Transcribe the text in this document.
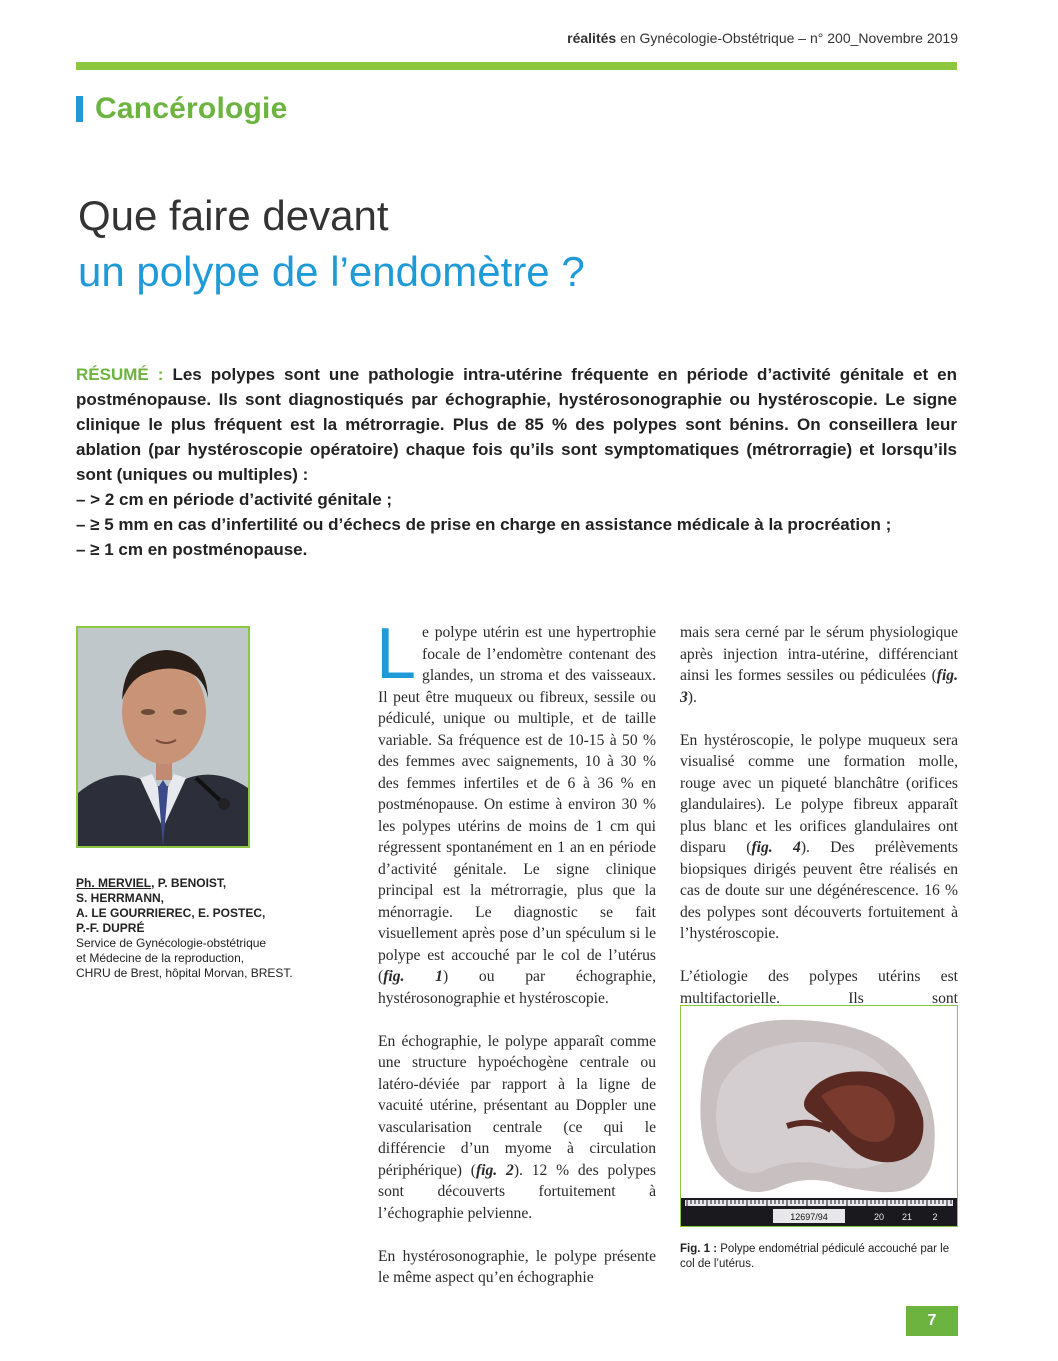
réalités en Gynécologie-Obstétrique – n° 200_Novembre 2019
Cancérologie
Que faire devant
un polype de l’endomètre ?
RÉSUMÉ : Les polypes sont une pathologie intra-utérine fréquente en période d’activité génitale et en postménopause. Ils sont diagnostiqués par échographie, hystérosonographie ou hystéroscopie. Le signe clinique le plus fréquent est la métrorragie. Plus de 85 % des polypes sont bénins. On conseillera leur ablation (par hystéroscopie opératoire) chaque fois qu’ils sont symptomatiques (métrorragie) et lorsqu’ils sont (uniques ou multiples) :
– > 2 cm en période d’activité génitale ;
– ≥ 5 mm en cas d’infertilité ou d’échecs de prise en charge en assistance médicale à la procréation ;
– ≥ 1 cm en postménopause.
Ph. MERVIEL, P. BENOIST,
S. HERRMANN,
A. LE GOURRIEREC, E. POSTEC,
P.-F. DUPRÉ
Service de Gynécologie-obstétrique
et Médecine de la reproduction,
CHRU de Brest, hôpital Morvan, BREST.

Le polype utérin est une hypertrophie focale de l’endomètre contenant des glandes, un stroma et des vaisseaux. Il peut être muqueux ou fibreux, sessile ou pédiculé, unique ou multiple, et de taille variable. Sa fréquence est de 10-15 à 50 % des femmes avec saignements, 10 à 30 % des femmes infertiles et de 6 à 36 % en postménopause. On estime à environ 30 % les polypes utérins de moins de 1 cm qui régressent spontanément en 1 an en période d’activité génitale. Le signe clinique principal est la métrorragie, plus que la ménorragie. Le diagnostic se fait visuellement après pose d’un spéculum si le polype est accouché par le col de l’utérus (fig. 1) ou par échographie, hystérosonographie et hystéroscopie.

En échographie, le polype apparaît comme une structure hypoéchogène centrale ou latéro-déviée par rapport à la ligne de vacuité utérine, présentant au Doppler une vascularisation centrale (ce qui le différencie d’un myome à circulation périphérique) (fig. 2). 12 % des polypes sont découverts fortuitement à l’échographie pelvienne.

En hystérosonographie, le polype présente le même aspect qu’en échographie

mais sera cerné par le sérum physiologique après injection intra-utérine, différenciant ainsi les formes sessiles ou pédiculées (fig. 3).

En hystéroscopie, le polype muqueux sera visualisé comme une formation molle, rouge avec un piqueté blanchâtre (orifices glandulaires). Le polype fibreux apparaît plus blanc et les orifices glandulaires ont disparu (fig. 4). Des prélèvements biopsiques dirigés peuvent être réalisés en cas de doute sur une dégénérescence. 16 % des polypes sont découverts fortuitement à l’hystéroscopie.

L’étiologie des polypes utérins est multifactorielle. Ils sont

12697/94	20 21 2
Fig. 1 : Polype endométrial pédiculé accouché par le col de l’utérus.
7
